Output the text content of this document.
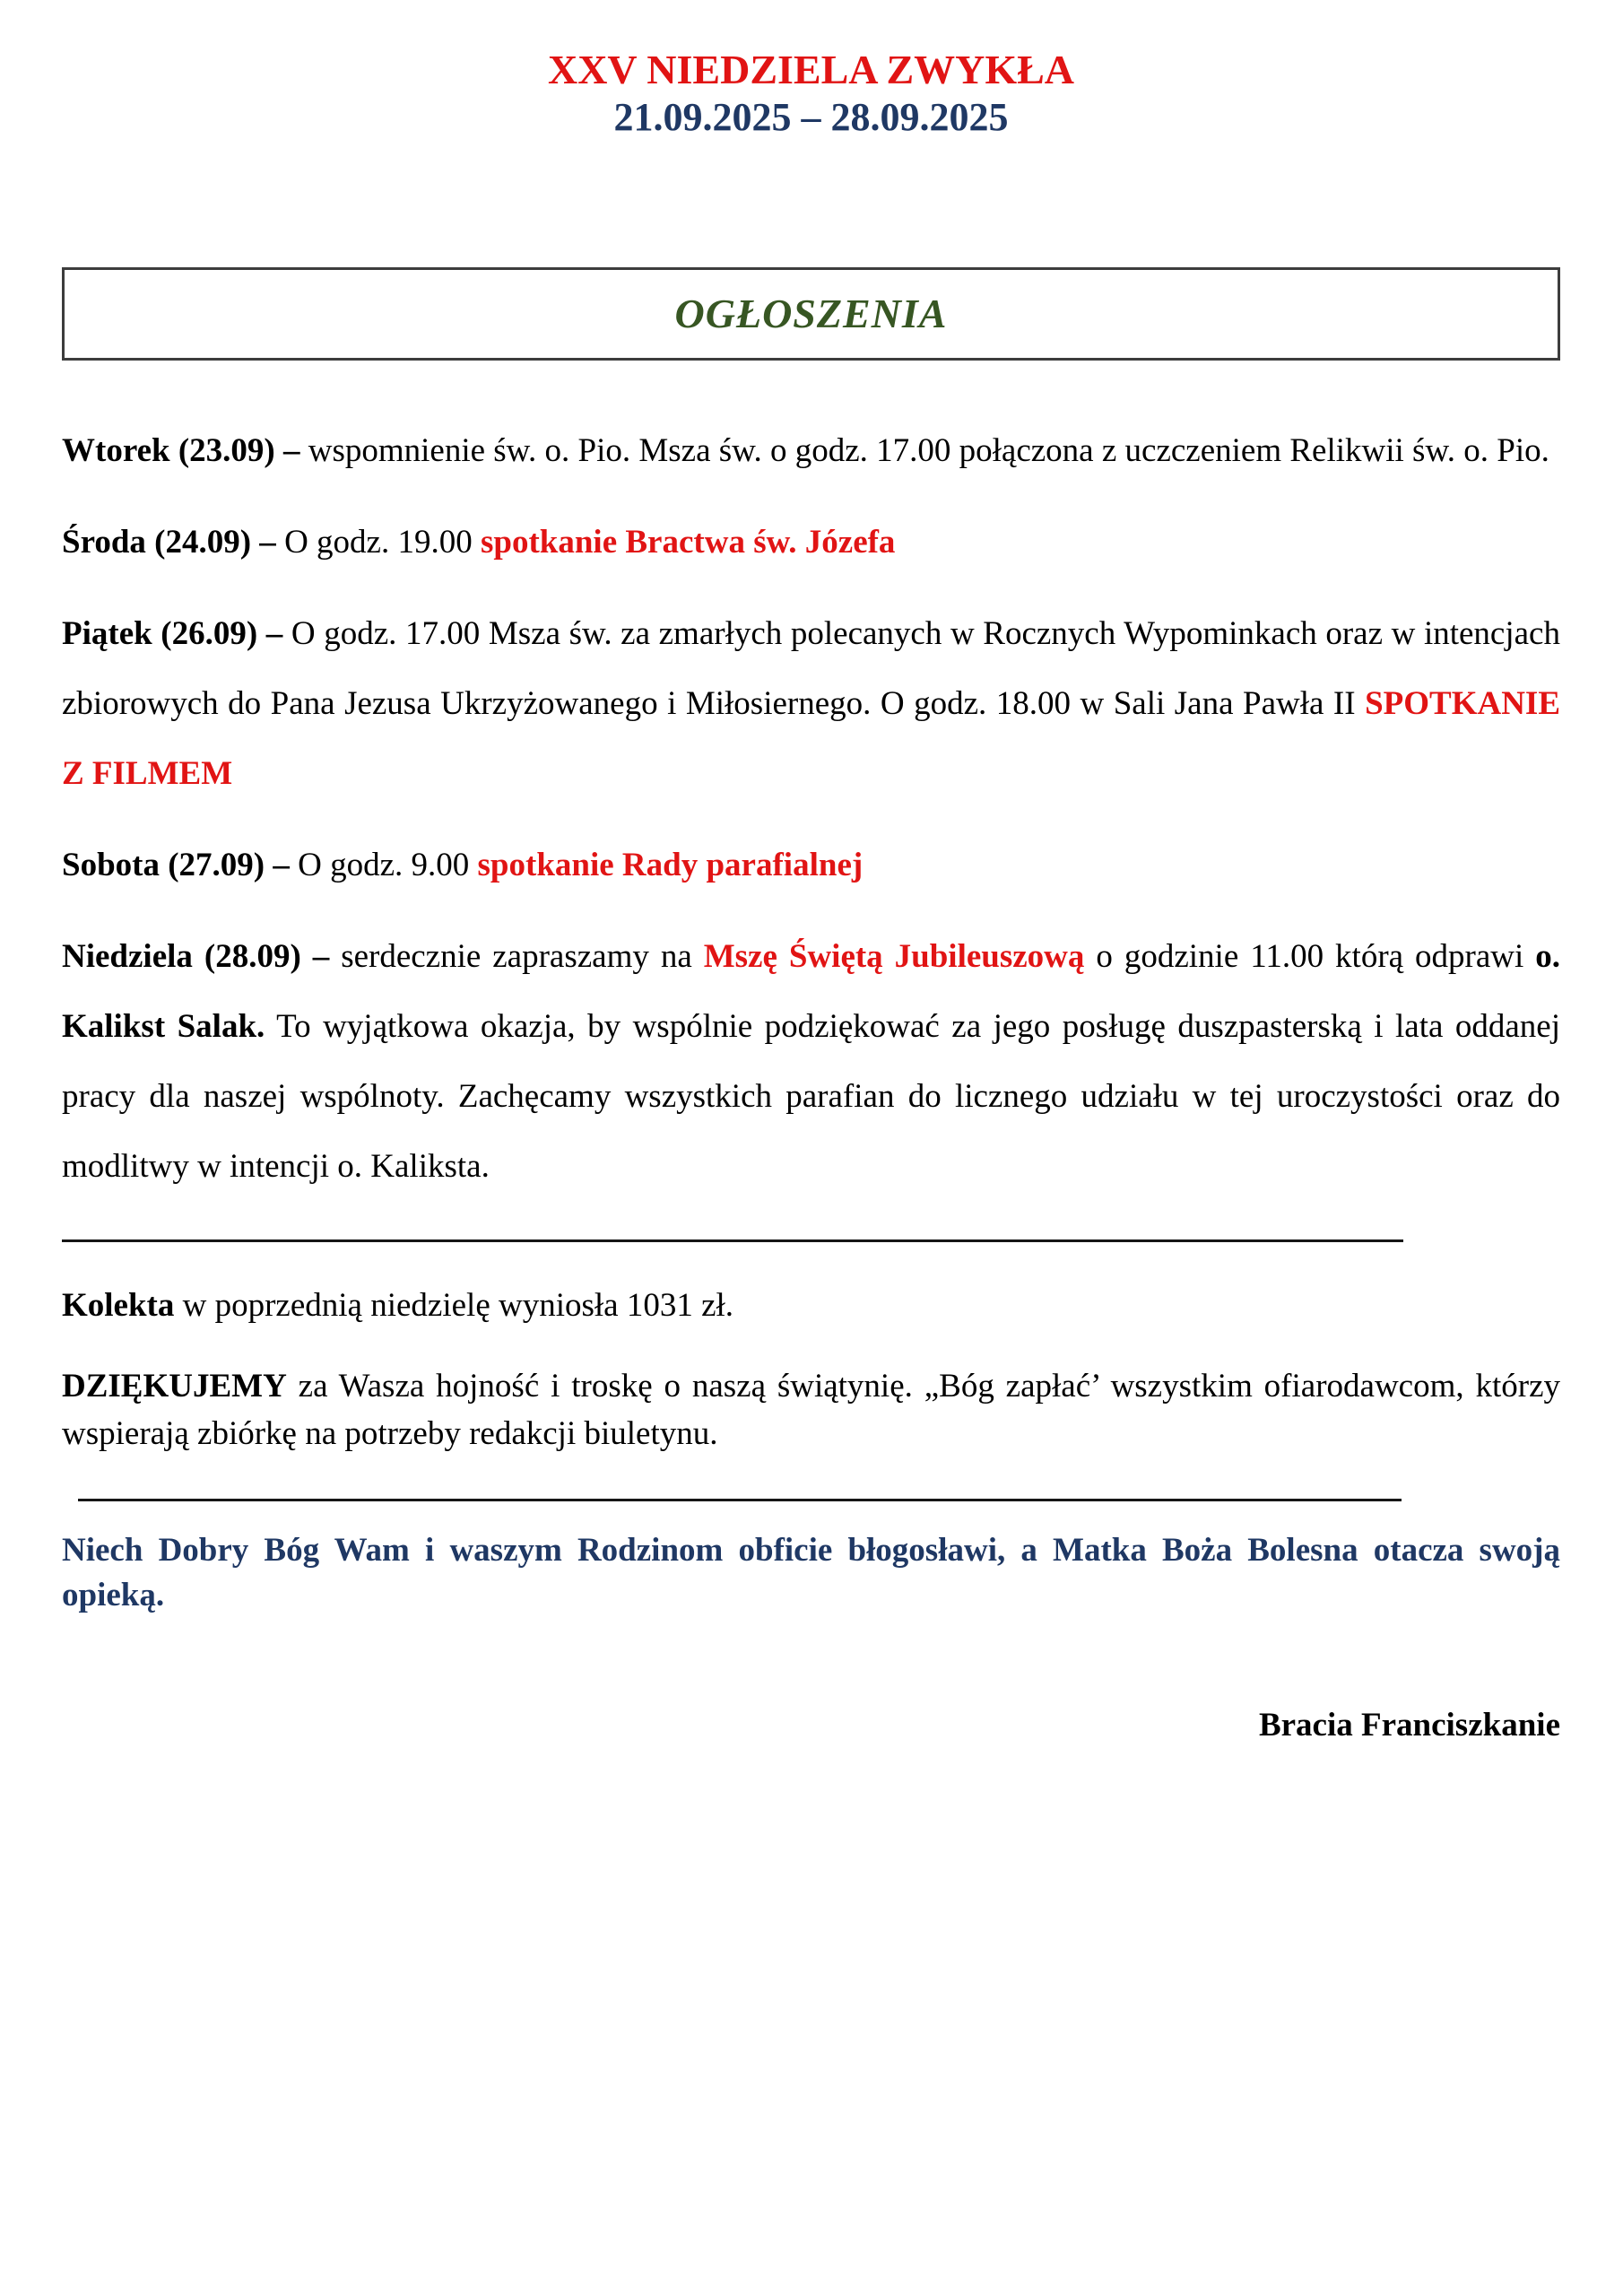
XXV NIEDZIELA ZWYKŁA
21.09.2025 – 28.09.2025
OGŁOSZENIA

Wtorek (23.09) – wspomnienie św. o. Pio. Msza św. o godz. 17.00 połączona z uczczeniem Relikwii św. o. Pio.

Środa (24.09) – O godz. 19.00 spotkanie Bractwa św. Józefa

Piątek (26.09) – O godz. 17.00 Msza św. za zmarłych polecanych w Rocznych Wypominkach oraz w intencjach zbiorowych do Pana Jezusa Ukrzyżowanego i Miłosiernego. O godz. 18.00 w Sali Jana Pawła II SPOTKANIE Z FILMEM

Sobota (27.09) – O godz. 9.00 spotkanie Rady parafialnej

Niedziela (28.09) – serdecznie zapraszamy na Mszę Świętą Jubileuszową o godzinie 11.00 którą odprawi o. Kalikst Salak. To wyjątkowa okazja, by wspólnie podziękować za jego posługę duszpasterską i lata oddanej pracy dla naszej wspólnoty. Zachęcamy wszystkich parafian do licznego udziału w tej uroczystości oraz do modlitwy w intencji o. Kaliksta.

Kolekta w poprzednią niedzielę wyniosła 1031 zł.

DZIĘKUJEMY za Wasza hojność i troskę o naszą świątynię. „Bóg zapłać’ wszystkim ofiarodawcom, którzy wspierają zbiórkę na potrzeby redakcji biuletynu.

Niech Dobry Bóg Wam i waszym Rodzinom obficie błogosławi, a Matka Boża Bolesna otacza swoją opieką.

Bracia Franciszkanie
